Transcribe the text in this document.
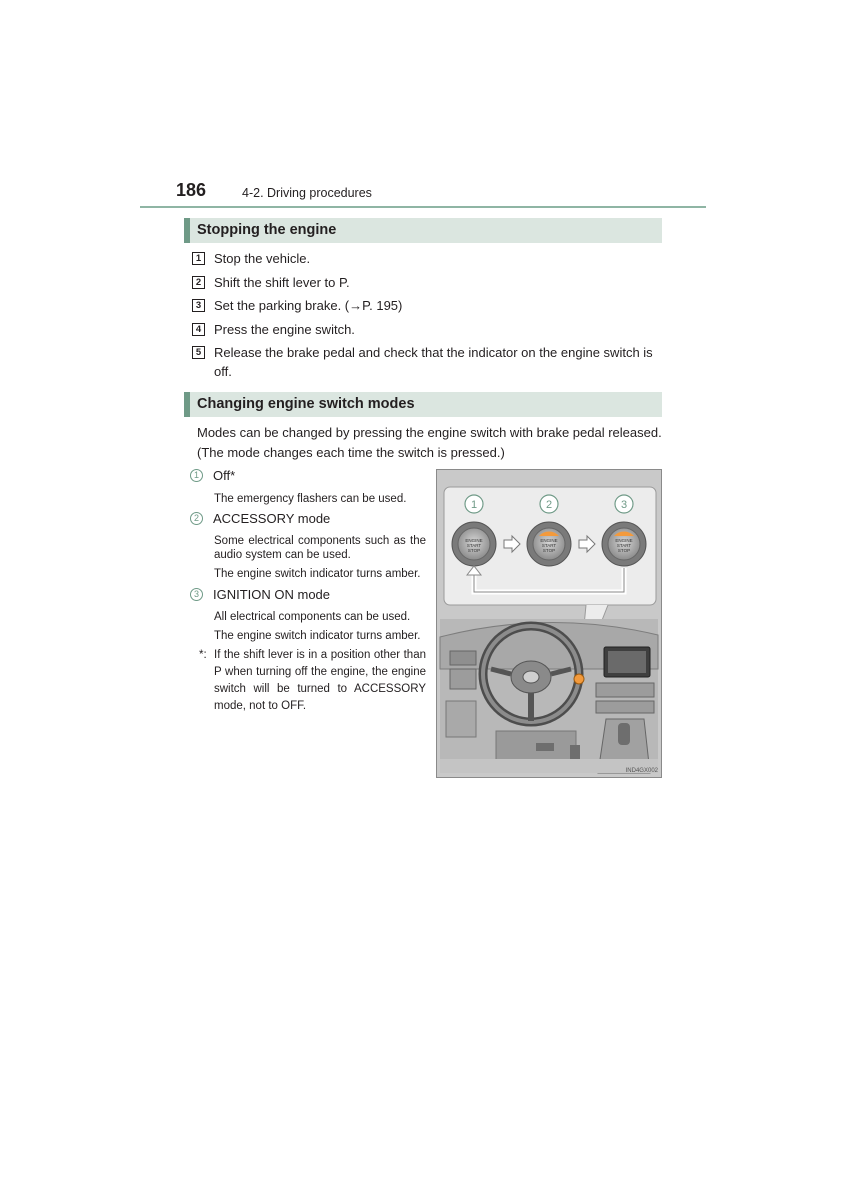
186	4-2. Driving procedures
Stopping the engine
1 Stop the vehicle.
2 Shift the shift lever to P.
3 Set the parking brake. (→P. 195)
4 Press the engine switch.
5 Release the brake pedal and check that the indicator on the engine switch is off.
Changing engine switch modes
Modes can be changed by pressing the engine switch with brake pedal released. (The mode changes each time the switch is pressed.)
1	Off*
The emergency flashers can be used.
2	ACCESSORY mode
Some electrical components such as the audio system can be used.
The engine switch indicator turns amber.
3	IGNITION ON mode
All electrical components can be used.
The engine switch indicator turns amber.
*: If the shift lever is in a position other than P when turning off the engine, the engine switch will be turned to ACCESSORY mode, not to OFF.
1	2	3
ENGINE
START
STOP
ENGINE
START
STOP
ENGINE
START
STOP
IND4GX002
